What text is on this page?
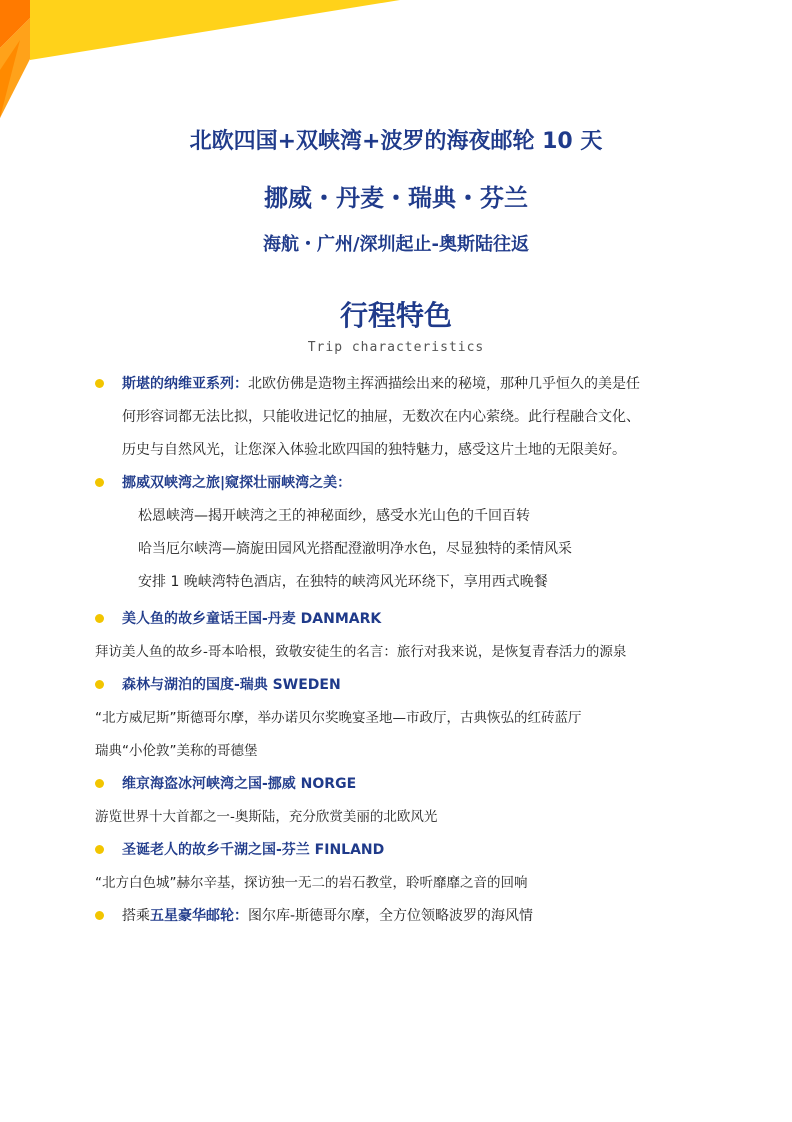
北欧四国+双峡湾+波罗的海夜邮轮 10 天
挪威・丹麦・瑞典・芬兰
海航・广州/深圳起止-奥斯陆往返
行程特色
Trip characteristics
斯堪的纳维亚系列：北欧仿佛是造物主挥洒描绘出来的秘境，那种几乎恒久的美是任
何形容词都无法比拟，只能收进记忆的抽屉，无数次在内心萦绕。此行程融合文化、
历史与自然风光，让您深入体验北欧四国的独特魅力，感受这片土地的无限美好。
挪威双峡湾之旅|窥探壮丽峡湾之美：
松恩峡湾—揭开峡湾之王的神秘面纱，感受水光山色的千回百转
哈当厄尔峡湾—旖旎田园风光搭配澄澈明净水色，尽显独特的柔情风采
安排 1 晚峡湾特色酒店，在独特的峡湾风光环绕下，享用西式晚餐
美人鱼的故乡童话王国-丹麦 DANMARK
拜访美人鱼的故乡-哥本哈根，致敬安徒生的名言：旅行对我来说，是恢复青春活力的源泉
森林与湖泊的国度-瑞典 SWEDEN
“北方威尼斯”斯德哥尔摩，举办诺贝尔奖晚宴圣地—市政厅，古典恢弘的红砖蓝厅
瑞典“小伦敦”美称的哥德堡
维京海盗冰河峡湾之国-挪威 NORGE
游览世界十大首都之一-奥斯陆，充分欣赏美丽的北欧风光
圣诞老人的故乡千湖之国-芬兰 FINLAND
“北方白色城”赫尔辛基，探访独一无二的岩石教堂，聆听靡靡之音的回响
搭乘五星豪华邮轮：图尔库-斯德哥尔摩，全方位领略波罗的海风情
